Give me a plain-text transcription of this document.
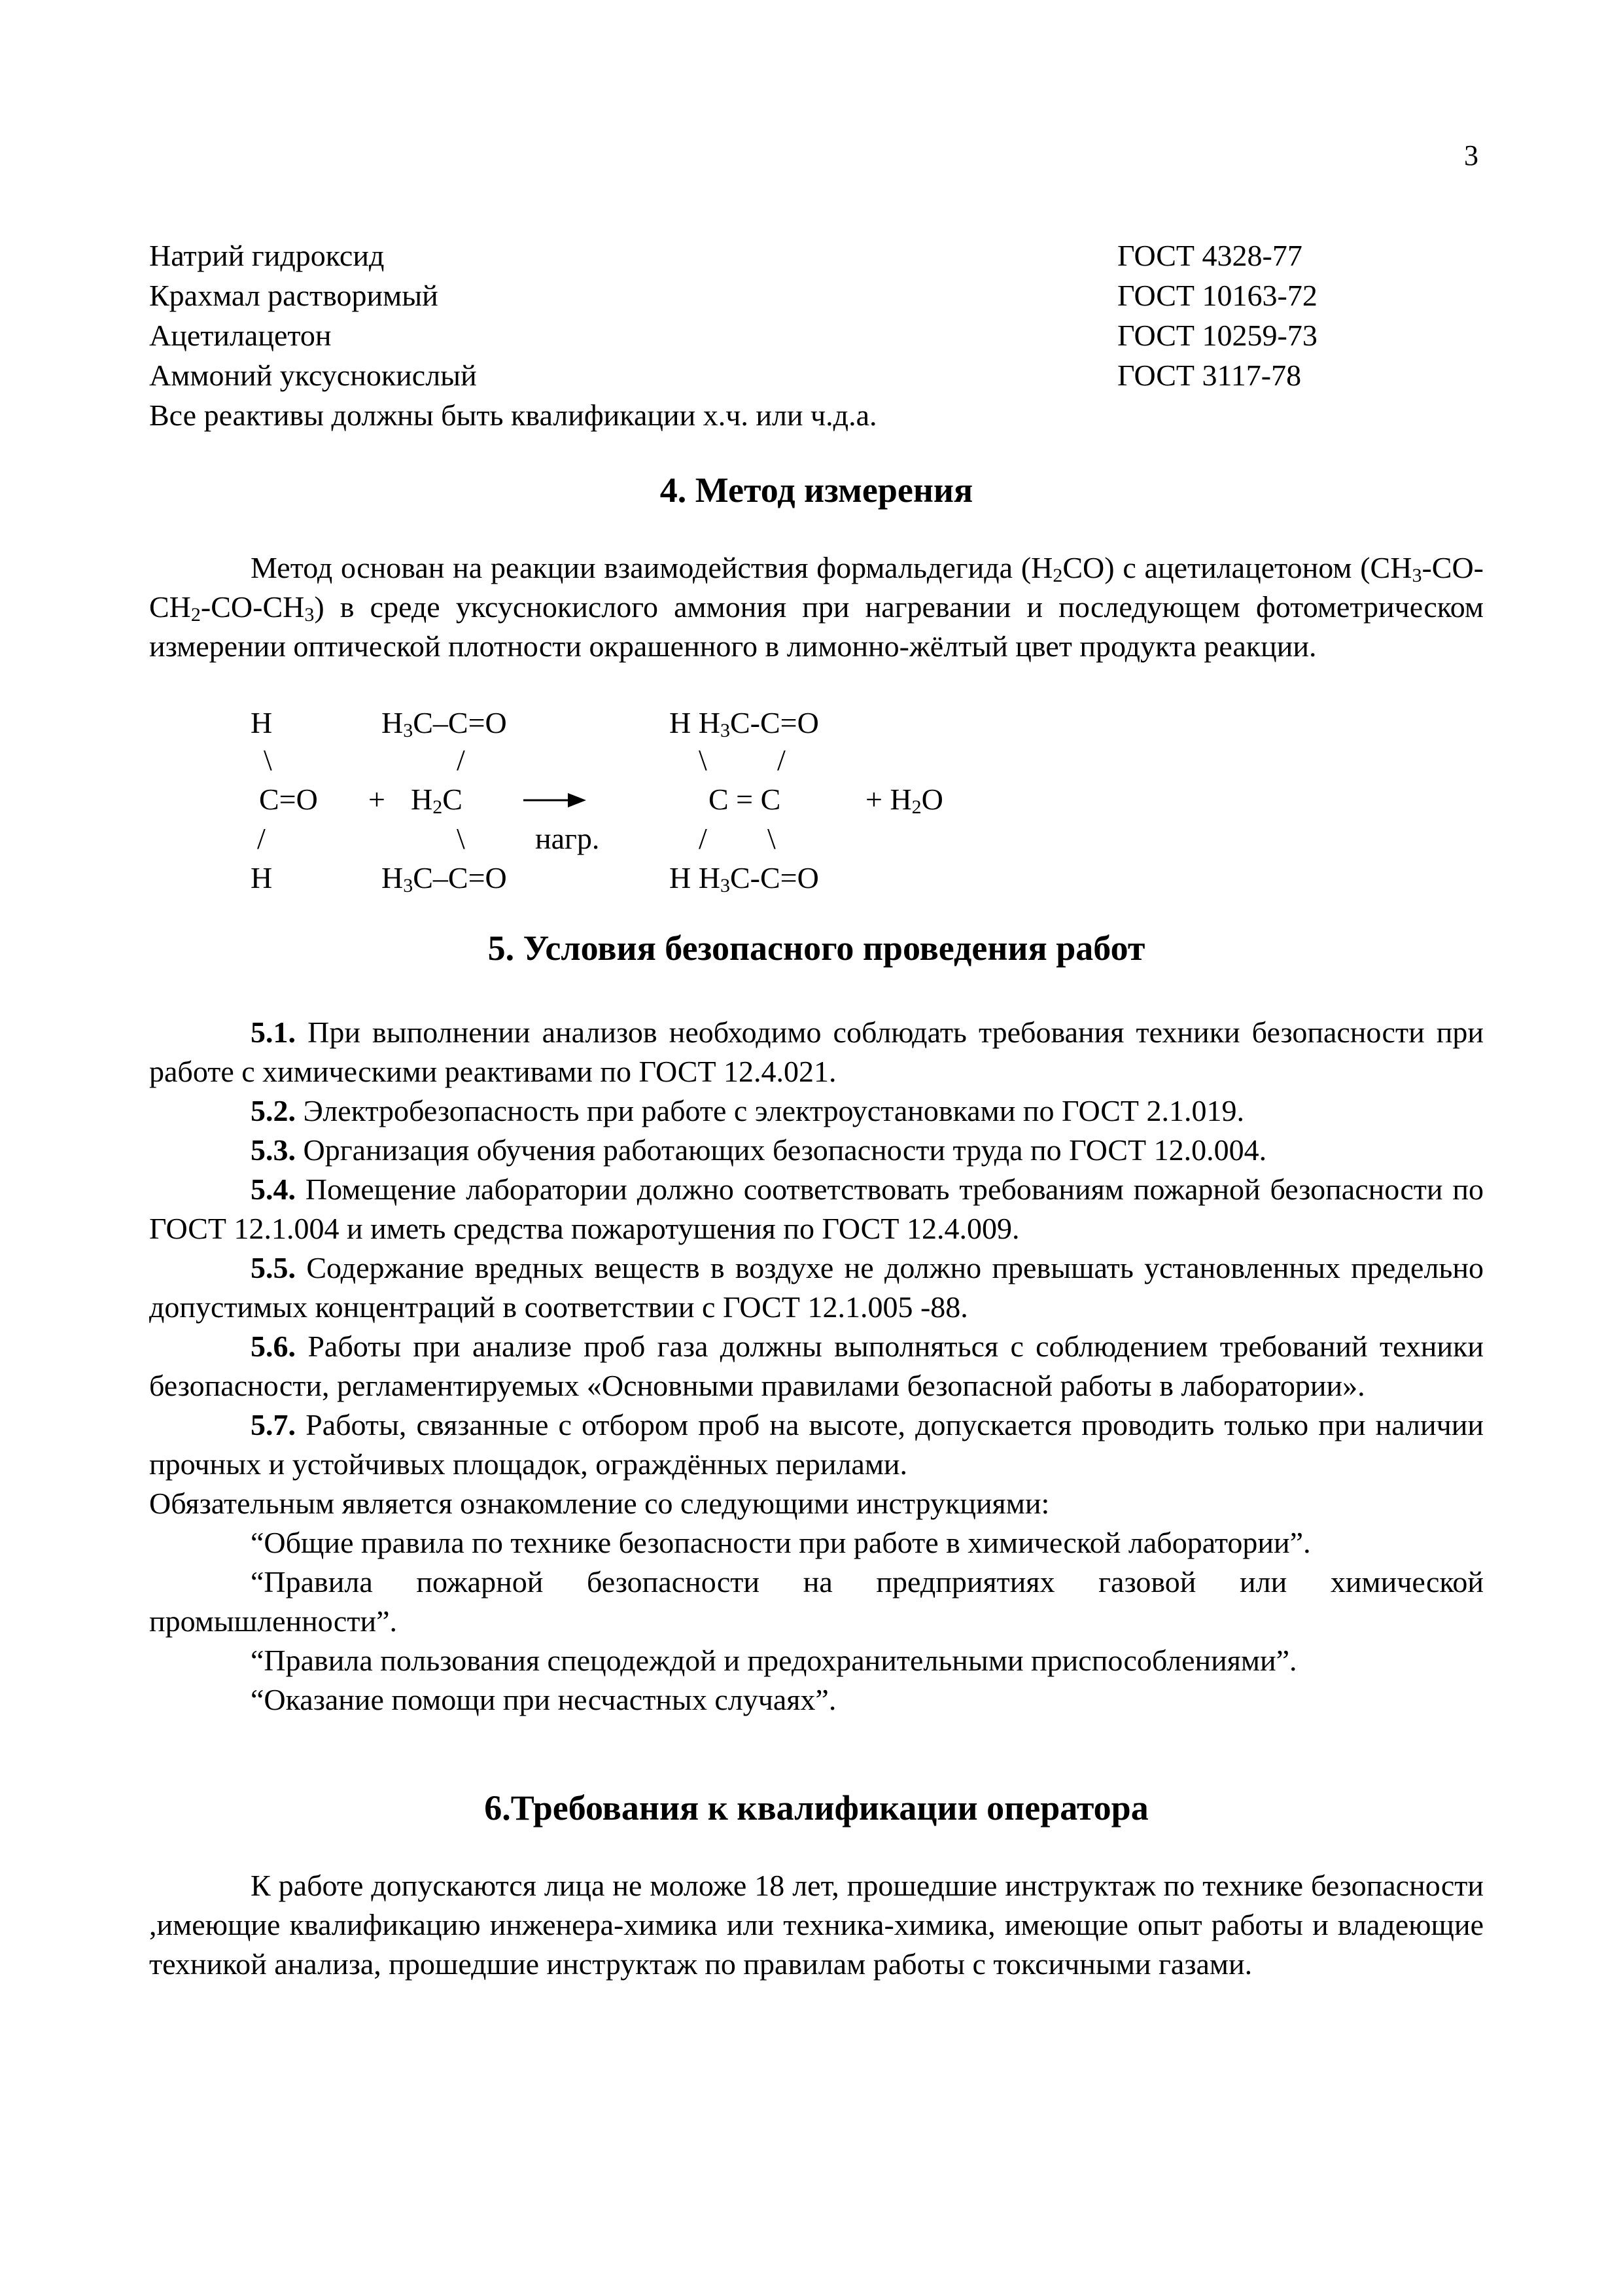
3
Натрий гидроксид	ГОСТ 4328-77
Крахмал растворимый	ГОСТ 10163-72
Ацетилацетон	ГОСТ 10259-73
Аммоний уксуснокислый	ГОСТ 3117-78
Все реактивы должны быть квалификации х.ч. или ч.д.а.
4. Метод измерения

Метод основан на реакции взаимодействия формальдегида $(H_2CO)$ с ацетилацетоном $(CH_3-CO-CH_2-CO-CH_3)$ в среде уксуснокислого аммония при нагревании и последующем фотометрическом измерении оптической плотности окрашенного в лимонно-жёлтый цвет продукта реакции.

H	$H_3C-C=O$	H $H_3C-C=O$
\	/	\ /
$C=O + H_2C$	C = C	+ $H_2O$
/	\ нагр.	/ \
H	$H_3C-C=O$	H $H_3C-C=O$
5. Условия безопасного проведения работ

5.1. При выполнении анализов необходимо соблюдать требования техники безопасности при работе с химическими реактивами по ГОСТ 12.4.021.

5.2. Электробезопасность при работе с электроустановками по ГОСТ 2.1.019.

5.3. Организация обучения работающих безопасности труда по ГОСТ 12.0.004.

5.4. Помещение лаборатории должно соответствовать требованиям пожарной безопасности по ГОСТ 12.1.004 и иметь средства пожаротушения по ГОСТ 12.4.009.

5.5. Содержание вредных веществ в воздухе не должно превышать установленных предельно допустимых концентраций в соответствии с ГОСТ 12.1.005 -88.

5.6. Работы при анализе проб газа должны выполняться с соблюдением требований техники безопасности, регламентируемых «Основными правилами безопасной работы в лаборатории».

5.7. Работы, связанные с отбором проб на высоте, допускается проводить только при наличии прочных и устойчивых площадок, ограждённых перилами.

Обязательным является ознакомление со следующими инструкциями:

“Общие правила по технике безопасности при работе в химической лаборатории”.

“Правила пожарной безопасности на предприятиях газовой или химической промышленности”.

“Правила пользования спецодеждой и предохранительными приспособлениями”.

“Оказание помощи при несчастных случаях”.

6.Требования к квалификации оператора

К работе допускаются лица не моложе 18 лет, прошедшие инструктаж по технике безопасности ,имеющие квалификацию инженера-химика или техника-химика, имеющие опыт работы и владеющие техникой анализа, прошедшие инструктаж по правилам работы с токсичными газами.
